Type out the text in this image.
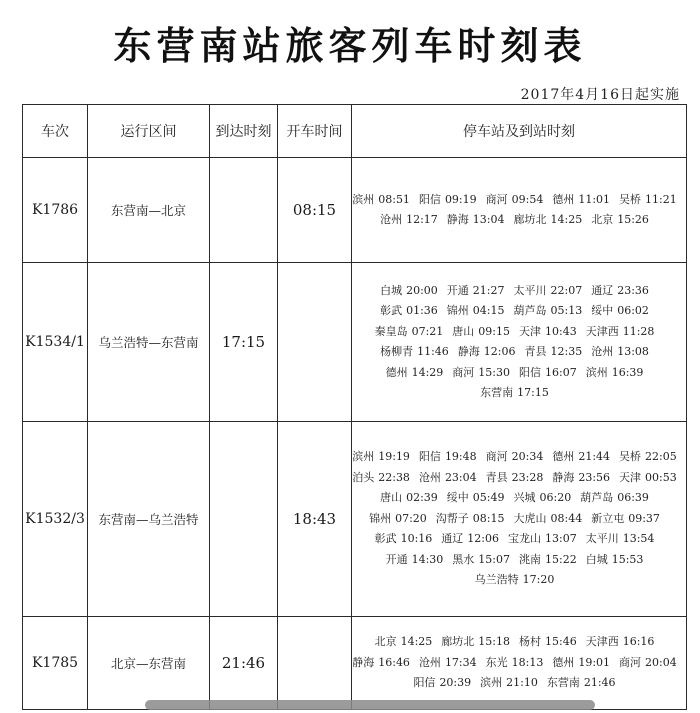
东营南站旅客列车时刻表
2017年4月16日起实施
车次	运行区间	到达时刻	开车时间	停车站及到站时刻
K1786	东营南—北京		08:15	滨州 08:51 阳信 09:19 商河 09:54 德州 11:01 吴桥 11:21沧州 12:17 静海 13:04 廊坊北 14:25 北京 15:26

K1534/1	乌兰浩特—东营南	17:15		白城 20:00 开通 21:27 太平川 22:07 通辽 23:36彰武 01:36 锦州 04:15 葫芦岛 05:13 绥中 06:02秦皇岛 07:21 唐山 09:15 天津 10:43 天津西 11:28杨柳青 11:46 静海 12:06 青县 12:35 沧州 13:08德州 14:29 商河 15:30 阳信 16:07 滨州 16:39东营南 17:15

K1532/3	东营南—乌兰浩特		18:43	滨州 19:19 阳信 19:48 商河 20:34 德州 21:44 吴桥 22:05泊头 22:38 沧州 23:04 青县 23:28 静海 23:56 天津 00:53唐山 02:39 绥中 05:49 兴城 06:20 葫芦岛 06:39锦州 07:20 沟帮子 08:15 大虎山 08:44 新立屯 09:37彰武 10:16 通辽 12:06 宝龙山 13:07 太平川 13:54开通 14:30 黑水 15:07 洮南 15:22 白城 15:53乌兰浩特 17:20

K1785	北京—东营南	21:46		北京 14:25 廊坊北 15:18 杨村 15:46 天津西 16:16静海 16:46 沧州 17:34 东光 18:13 德州 19:01 商河 20:04阳信 20:39 滨州 21:10 东营南 21:46
